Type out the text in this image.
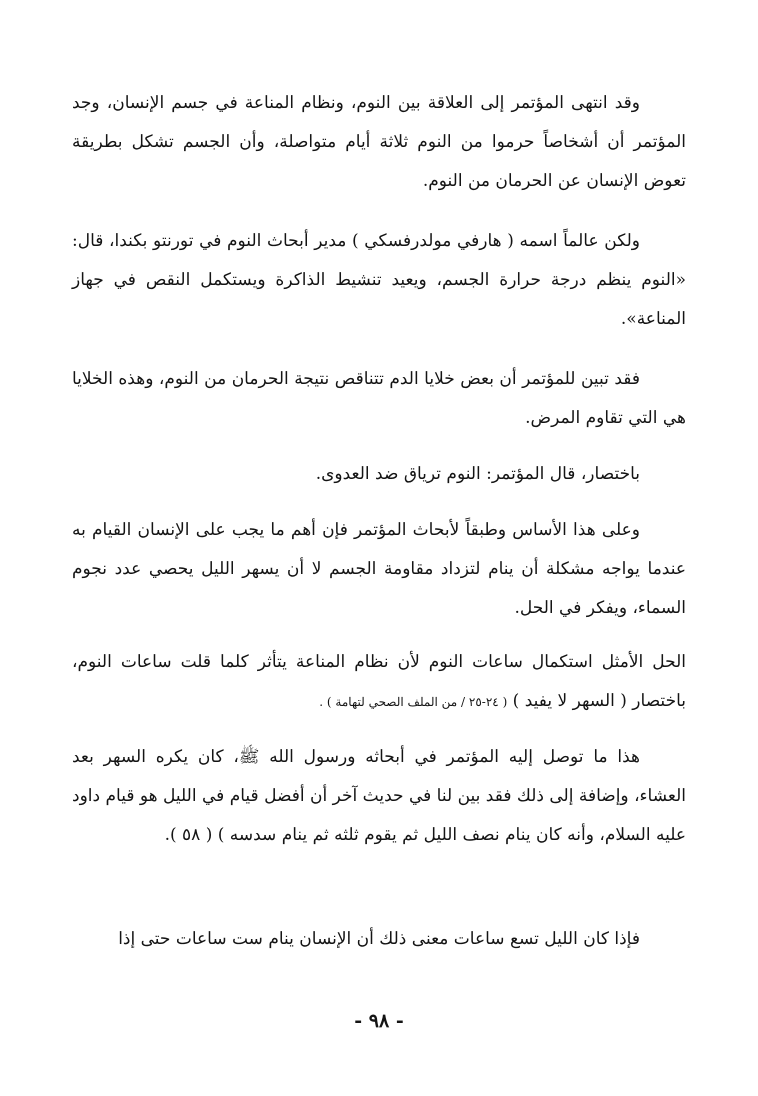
وقد انتهى المؤتمر إلى العلاقة بين النوم، ونظام المناعة في جسم الإنسان، وجد المؤتمر أن أشخاصاً حرموا من النوم ثلاثة أيام متواصلة، وأن الجسم تشكل بطريقة تعوض الإنسان عن الحرمان من النوم.

ولكن عالماً اسمه ( هارفي مولدرفسكي ) مدير أبحاث النوم في تورنتو بكندا، قال: «النوم ينظم درجة حرارة الجسم، ويعيد تنشيط الذاكرة ويستكمل النقص في جهاز المناعة».

فقد تبين للمؤتمر أن بعض خلايا الدم تتناقص نتيجة الحرمان من النوم، وهذه الخلايا هي التي تقاوم المرض.

باختصار، قال المؤتمر: النوم ترياق ضد العدوى.

وعلى هذا الأساس وطبقاً لأبحاث المؤتمر فإن أهم ما يجب على الإنسان القيام به عندما يواجه مشكلة أن ينام لتزداد مقاومة الجسم لا أن يسهر الليل يحصي عدد نجوم السماء، ويفكر في الحل.

الحل الأمثل استكمال ساعات النوم لأن نظام المناعة يتأثر كلما قلت ساعات النوم، باختصار ( السهر لا يفيد ) ( ٢٤-٢٥ / من الملف الصحي لتهامة ) .

هذا ما توصل إليه المؤتمر في أبحاثه ورسول الله ﷺ، كان يكره السهر بعد العشاء، وإضافة إلى ذلك فقد بين لنا في حديث آخر أن أفضل قيام في الليل هو قيام داود عليه السلام، وأنه كان ينام نصف الليل ثم يقوم ثلثه ثم ينام سدسه ) ( ٥٨ ).

فإذا كان الليل تسع ساعات معنى ذلك أن الإنسان ينام ست ساعات حتى إذا

- ٩٨ -
